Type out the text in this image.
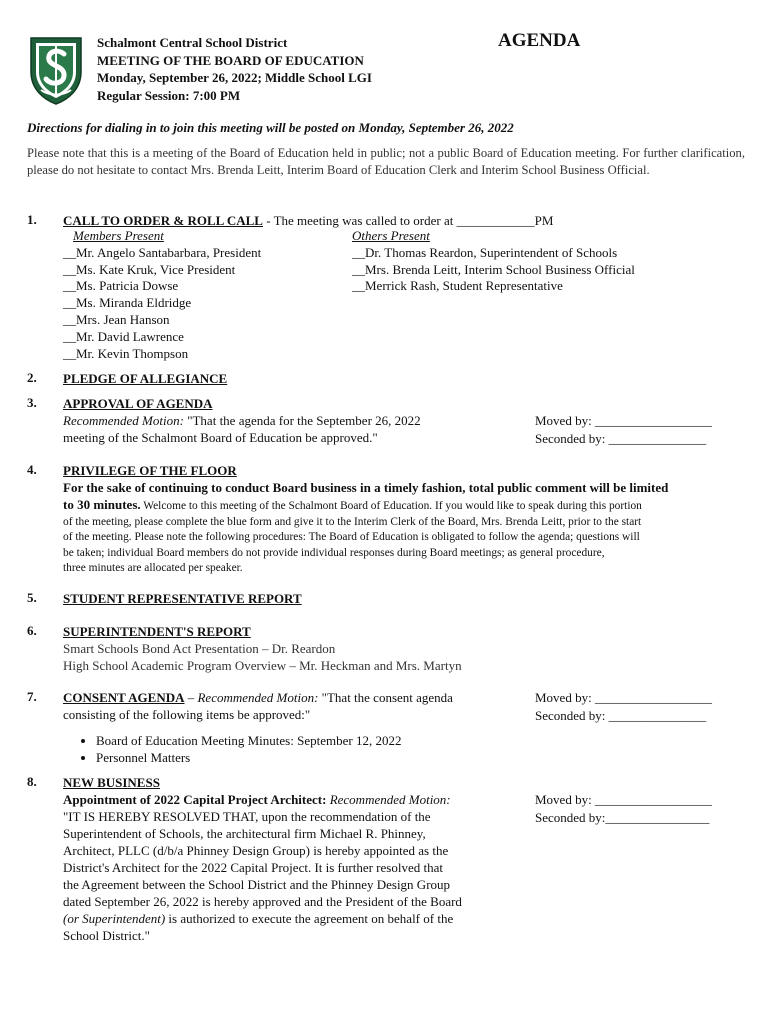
Schalmont Central School District
MEETING OF THE BOARD OF EDUCATION
Monday, September 26, 2022; Middle School LGI
Regular Session: 7:00 PM
AGENDA
Directions for dialing in to join this meeting will be posted on Monday, September 26, 2022
Please note that this is a meeting of the Board of Education held in public; not a public Board of Education meeting. For further clarification, please do not hesitate to contact Mrs. Brenda Leitt, Interim Board of Education Clerk and Interim School Business Official.
1. CALL TO ORDER & ROLL CALL - The meeting was called to order at ____________PM
Members Present
__Mr. Angelo Santabarbara, President
__Ms. Kate Kruk, Vice President
__Ms. Patricia Dowse
__Ms. Miranda Eldridge
__Mrs. Jean Hanson
__Mr. David Lawrence
__Mr. Kevin Thompson
Others Present
__Dr. Thomas Reardon, Superintendent of Schools
__Mrs. Brenda Leitt, Interim School Business Official
__Merrick Rash, Student Representative
2. PLEDGE OF ALLEGIANCE
3. APPROVAL OF AGENDA
Recommended Motion: "That the agenda for the September 26, 2022
meeting of the Schalmont Board of Education be approved."
Moved by: __________________
Seconded by: _______________
4. PRIVILEGE OF THE FLOOR
For the sake of continuing to conduct Board business in a timely fashion, total public comment will be limited
to 30 minutes. Welcome to this meeting of the Schalmont Board of Education. If you would like to speak during this portion
of the meeting, please complete the blue form and give it to the Interim Clerk of the Board, Mrs. Brenda Leitt, prior to the start
of the meeting. Please note the following procedures: The Board of Education is obligated to follow the agenda; questions will
be taken; individual Board members do not provide individual responses during Board meetings; as general procedure,
three minutes are allocated per speaker.
5. STUDENT REPRESENTATIVE REPORT
6. SUPERINTENDENT'S REPORT
Smart Schools Bond Act Presentation – Dr. Reardon
High School Academic Program Overview – Mr. Heckman and Mrs. Martyn
7. CONSENT AGENDA – Recommended Motion: "That the consent agenda
consisting of the following items be approved:"
Moved by: __________________
Seconded by: _______________
• Board of Education Meeting Minutes: September 12, 2022
• Personnel Matters
8. NEW BUSINESS
Appointment of 2022 Capital Project Architect: Recommended Motion:
"IT IS HEREBY RESOLVED THAT, upon the recommendation of the
Superintendent of Schools, the architectural firm Michael R. Phinney,
Architect, PLLC (d/b/a Phinney Design Group) is hereby appointed as the
District's Architect for the 2022 Capital Project. It is further resolved that
the Agreement between the School District and the Phinney Design Group
dated September 26, 2022 is hereby approved and the President of the Board
(or Superintendent) is authorized to execute the agreement on behalf of the
School District."
Moved by: __________________
Seconded by:________________
